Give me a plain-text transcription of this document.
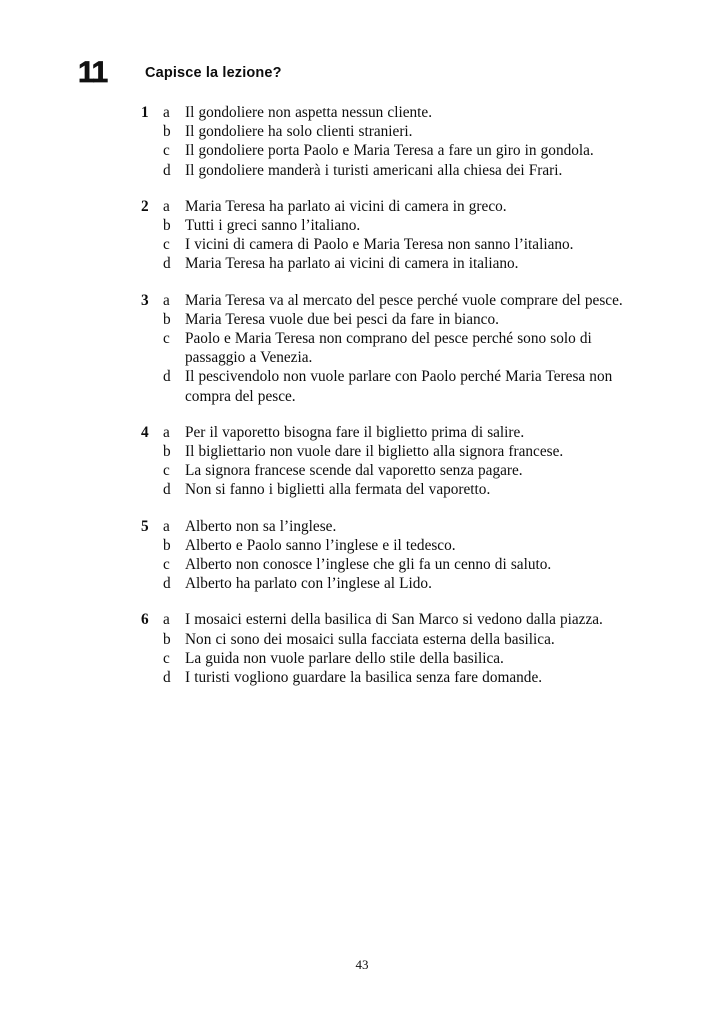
11	Capisce la lezione?
1 a Il gondoliere non aspetta nessun cliente.
b Il gondoliere ha solo clienti stranieri.
c Il gondoliere porta Paolo e Maria Teresa a fare un giro in gondola.
d Il gondoliere manderà i turisti americani alla chiesa dei Frari.
2 a Maria Teresa ha parlato ai vicini di camera in greco.
b Tutti i greci sanno l’italiano.
c I vicini di camera di Paolo e Maria Teresa non sanno l’italiano.
d Maria Teresa ha parlato ai vicini di camera in italiano.
3 a Maria Teresa va al mercato del pesce perché vuole comprare del pesce.
b Maria Teresa vuole due bei pesci da fare in bianco.
c Paolo e Maria Teresa non comprano del pesce perché sono solo di passaggio a Venezia.
d Il pescivendolo non vuole parlare con Paolo perché Maria Teresa non compra del pesce.
4 a Per il vaporetto bisogna fare il biglietto prima di salire.
b Il bigliettario non vuole dare il biglietto alla signora francese.
c La signora francese scende dal vaporetto senza pagare.
d Non si fanno i biglietti alla fermata del vaporetto.
5 a Alberto non sa l’inglese.
b Alberto e Paolo sanno l’inglese e il tedesco.
c Alberto non conosce l’inglese che gli fa un cenno di saluto.
d Alberto ha parlato con l’inglese al Lido.
6 a I mosaici esterni della basilica di San Marco si vedono dalla piazza.
b Non ci sono dei mosaici sulla facciata esterna della basilica.
c La guida non vuole parlare dello stile della basilica.
d I turisti vogliono guardare la basilica senza fare domande.
43
